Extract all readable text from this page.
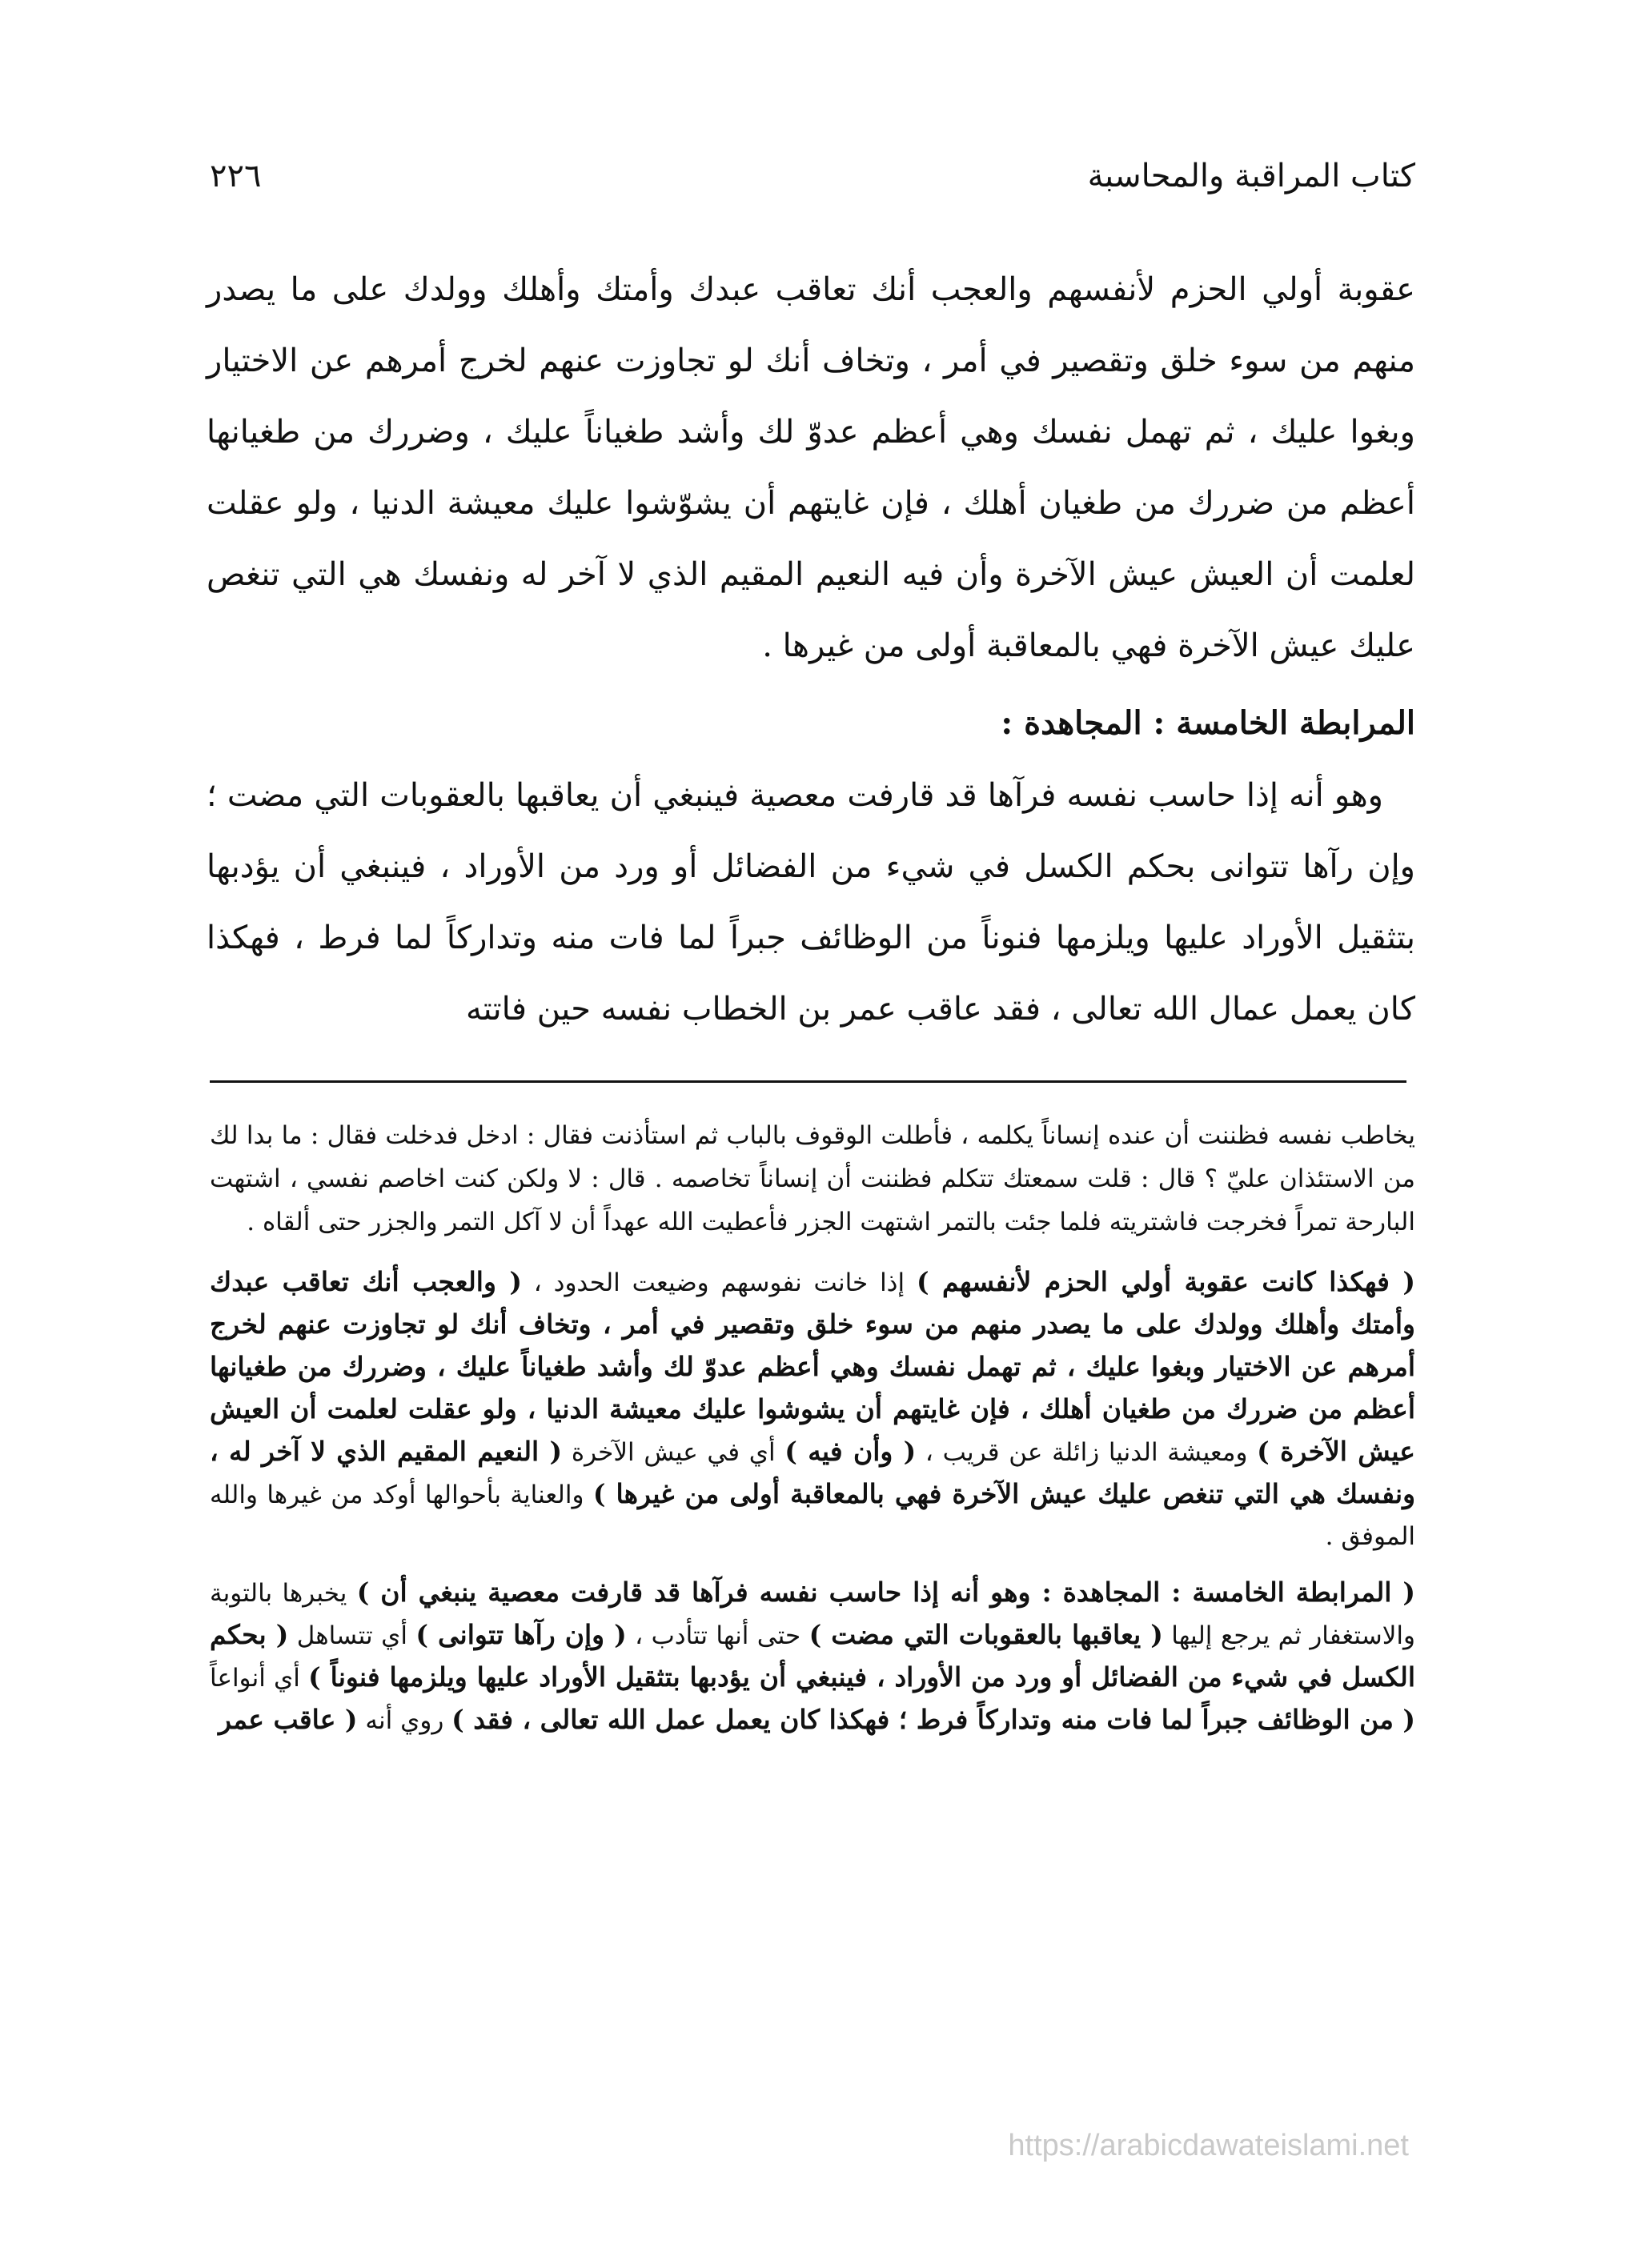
كتاب المراقبة والمحاسبة
٢٢٦

عقوبة أولي الحزم لأنفسهم والعجب أنك تعاقب عبدك وأمتك وأهلك وولدك على ما يصدر منهم من سوء خلق وتقصير في أمر ، وتخاف أنك لو تجاوزت عنهم لخرج أمرهم عن الاختيار وبغوا عليك ، ثم تهمل نفسك وهي أعظم عدوّ لك وأشد طغياناً عليك ، وضررك من طغيانها أعظم من ضررك من طغيان أهلك ، فإن غايتهم أن يشوّشوا عليك معيشة الدنيا ، ولو عقلت لعلمت أن العيش عيش الآخرة وأن فيه النعيم المقيم الذي لا آخر له ونفسك هي التي تنغص عليك عيش الآخرة فهي بالمعاقبة أولى من غيرها .

المرابطة الخامسة : المجاهدة :

وهو أنه إذا حاسب نفسه فرآها قد قارفت معصية فينبغي أن يعاقبها بالعقوبات التي مضت ؛ وإن رآها تتوانى بحكم الكسل في شيء من الفضائل أو ورد من الأوراد ، فينبغي أن يؤدبها بتثقيل الأوراد عليها ويلزمها فنوناً من الوظائف جبراً لما فات منه وتداركاً لما فرط ، فهكذا كان يعمل عمال الله تعالى ، فقد عاقب عمر بن الخطاب نفسه حين فاتته

يخاطب نفسه فظننت أن عنده إنساناً يكلمه ، فأطلت الوقوف بالباب ثم استأذنت فقال : ادخل فدخلت فقال : ما بدا لك من الاستئذان عليّ ؟ قال : قلت سمعتك تتكلم فظننت أن إنساناً تخاصمه . قال : لا ولكن كنت اخاصم نفسي ، اشتهت البارحة تمراً فخرجت فاشتريته فلما جئت بالتمر اشتهت الجزر فأعطيت الله عهداً أن لا آكل التمر والجزر حتى ألقاه .

( فهكذا كانت عقوبة أولي الحزم لأنفسهم ) إذا خانت نفوسهم وضيعت الحدود ، ( والعجب أنك تعاقب عبدك وأمتك وأهلك وولدك على ما يصدر منهم من سوء خلق وتقصير في أمر ، وتخاف أنك لو تجاوزت عنهم لخرج أمرهم عن الاختيار وبغوا عليك ، ثم تهمل نفسك وهي أعظم عدوّ لك وأشد طغياناً عليك ، وضررك من طغيانها أعظم من ضررك من طغيان أهلك ، فإن غايتهم أن يشوشوا عليك معيشة الدنيا ، ولو عقلت لعلمت أن العيش عيش الآخرة ) ومعيشة الدنيا زائلة عن قريب ، ( وأن فيه ) أي في عيش الآخرة ( النعيم المقيم الذي لا آخر له ، ونفسك هي التي تنغص عليك عيش الآخرة فهي بالمعاقبة أولى من غيرها ) والعناية بأحوالها أوكد من غيرها والله الموفق .

( المرابطة الخامسة : المجاهدة : وهو أنه إذا حاسب نفسه فرآها قد قارفت معصية ينبغي أن ) يخبرها بالتوبة والاستغفار ثم يرجع إليها ( يعاقبها بالعقوبات التي مضت ) حتى أنها تتأدب ، ( وإن رآها تتوانى ) أي تتساهل ( بحكم الكسل في شيء من الفضائل أو ورد من الأوراد ، فينبغي أن يؤدبها بتثقيل الأوراد عليها ويلزمها فنوناً ) أي أنواعاً ( من الوظائف جبراً لما فات منه وتداركاً فرط ؛ فهكذا كان يعمل عمل الله تعالى ، فقد ) روي أنه ( عاقب عمر

https://arabicdawateislami.net
